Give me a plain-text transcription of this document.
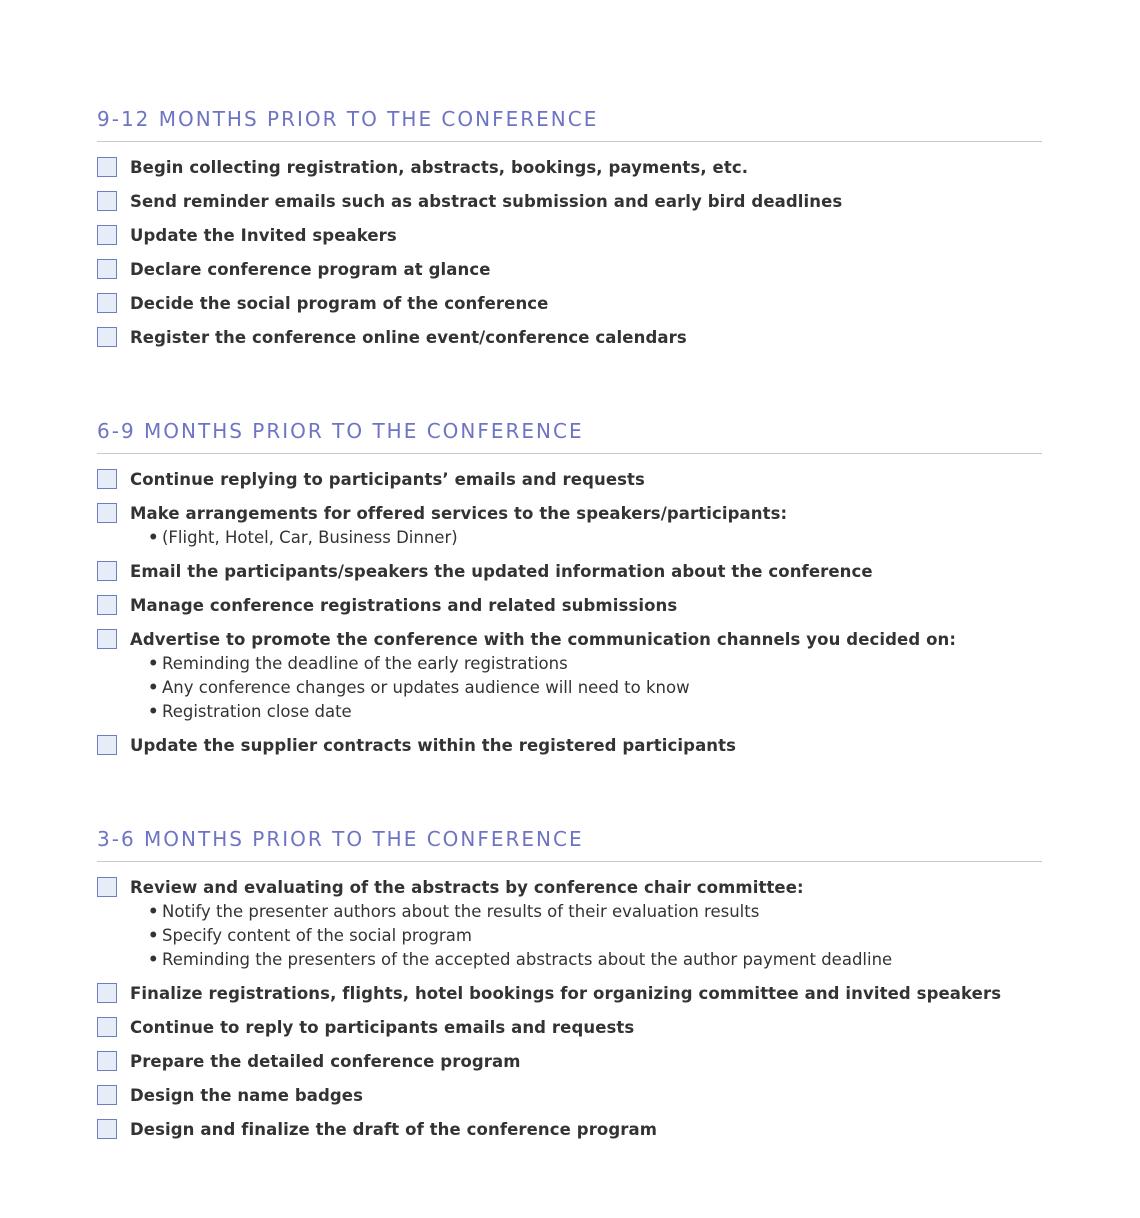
9-12 MONTHS PRIOR TO THE CONFERENCE
Begin collecting registration, abstracts, bookings, payments, etc.
Send reminder emails such as abstract submission and early bird deadlines
Update the Invited speakers
Declare conference program at glance
Decide the social program of the conference
Register the conference online event/conference calendars
6-9 MONTHS PRIOR TO THE CONFERENCE
Continue replying to participants’ emails and requests
Make arrangements for offered services to the speakers/participants:
• (Flight, Hotel, Car, Business Dinner)
Email the participants/speakers the updated information about the conference
Manage conference registrations and related submissions
Advertise to promote the conference with the communication channels you decided on:
• Reminding the deadline of the early registrations
• Any conference changes or updates audience will need to know
• Registration close date
Update the supplier contracts within the registered participants
3-6 MONTHS PRIOR TO THE CONFERENCE
Review and evaluating of the abstracts by conference chair committee:
• Notify the presenter authors about the results of their evaluation results
• Specify content of the social program
• Reminding the presenters of the accepted abstracts about the author payment deadline
Finalize registrations, flights, hotel bookings for organizing committee and invited speakers
Continue to reply to participants emails and requests
Prepare the detailed conference program
Design the name badges
Design and finalize the draft of the conference program
